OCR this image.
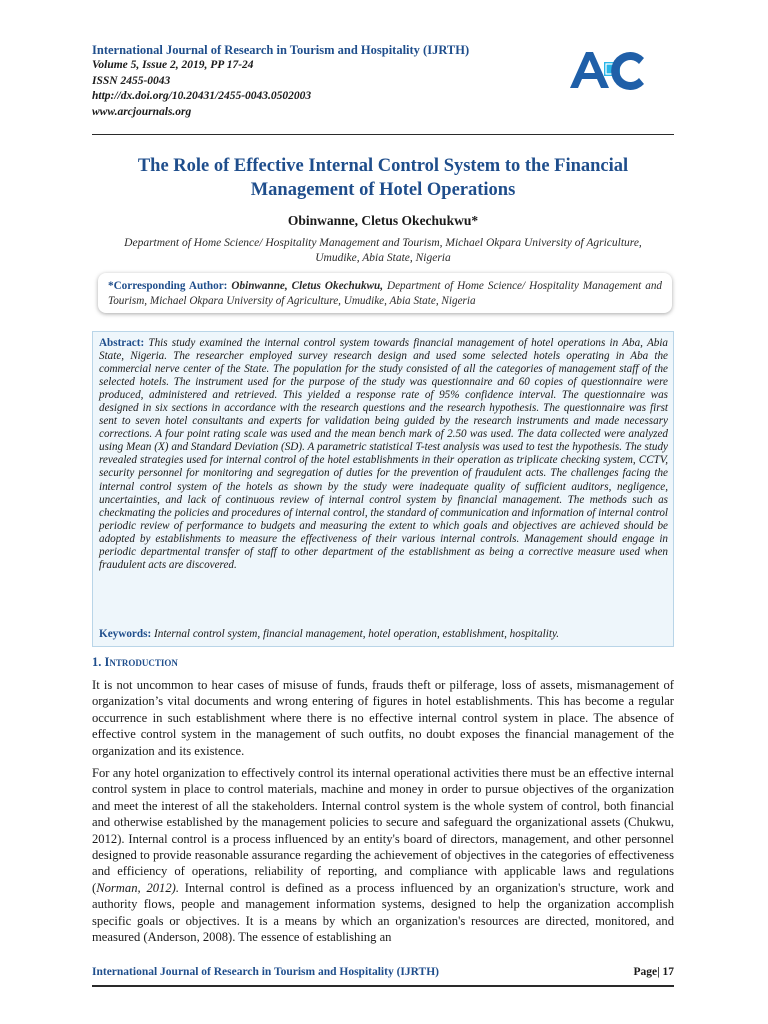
International Journal of Research in Tourism and Hospitality (IJRTH)
Volume 5, Issue 2, 2019, PP 17-24
ISSN 2455-0043
http://dx.doi.org/10.20431/2455-0043.0502003
www.arcjournals.org
The Role of Effective Internal Control System to the Financial
Management of Hotel Operations
Obinwanne, Cletus Okechukwu*
Department of Home Science/ Hospitality Management and Tourism, Michael Okpara University of Agriculture, Umudike, Abia State, Nigeria
*Corresponding Author: Obinwanne, Cletus Okechukwu, Department of Home Science/ Hospitality Management and Tourism, Michael Okpara University of Agriculture, Umudike, Abia State, Nigeria
Abstract: This study examined the internal control system towards financial management of hotel operations in Aba, Abia State, Nigeria. The researcher employed survey research design and used some selected hotels operating in Aba the commercial nerve center of the State. The population for the study consisted of all the categories of management staff of the selected hotels. The instrument used for the purpose of the study was questionnaire and 60 copies of questionnaire were produced, administered and retrieved. This yielded a response rate of 95% confidence interval. The questionnaire was designed in six sections in accordance with the research questions and the research hypothesis. The questionnaire was first sent to seven hotel consultants and experts for validation being guided by the research instruments and made necessary corrections. A four point rating scale was used and the mean bench mark of 2.50 was used. The data collected were analyzed using Mean (X) and Standard Deviation (SD). A parametric statistical T-test analysis was used to test the hypothesis. The study revealed strategies used for internal control of the hotel establishments in their operation as triplicate checking system, CCTV, security personnel for monitoring and segregation of duties for the prevention of fraudulent acts. The challenges facing the internal control system of the hotels as shown by the study were inadequate quality of sufficient auditors, negligence, uncertainties, and lack of continuous review of internal control system by financial management. The methods such as checkmating the policies and procedures of internal control, the standard of communication and information of internal control periodic review of performance to budgets and measuring the extent to which goals and objectives are achieved should be adopted by establishments to measure the effectiveness of their various internal controls. Management should engage in periodic departmental transfer of staff to other department of the establishment as being a corrective measure used when fraudulent acts are discovered.
Keywords: Internal control system, financial management, hotel operation, establishment, hospitality.
1. Introduction
It is not uncommon to hear cases of misuse of funds, frauds theft or pilferage, loss of assets, mismanagement of organization’s vital documents and wrong entering of figures in hotel establishments. This has become a regular occurrence in such establishment where there is no effective internal control system in place. The absence of effective control system in the management of such outfits, no doubt exposes the financial management of the organization and its existence.
For any hotel organization to effectively control its internal operational activities there must be an effective internal control system in place to control materials, machine and money in order to pursue objectives of the organization and meet the interest of all the stakeholders. Internal control system is the whole system of control, both financial and otherwise established by the management policies to secure and safeguard the organizational assets (Chukwu, 2012). Internal control is a process influenced by an entity's board of directors, management, and other personnel designed to provide reasonable assurance regarding the achievement of objectives in the categories of effectiveness and efficiency of operations, reliability of reporting, and compliance with applicable laws and regulations (Norman, 2012). Internal control is defined as a process influenced by an organization's structure, work and authority flows, people and management information systems, designed to help the organization accomplish specific goals or objectives. It is a means by which an organization's resources are directed, monitored, and measured (Anderson, 2008). The essence of establishing an
International Journal of Research in Tourism and Hospitality (IJRTH)	Page| 17
